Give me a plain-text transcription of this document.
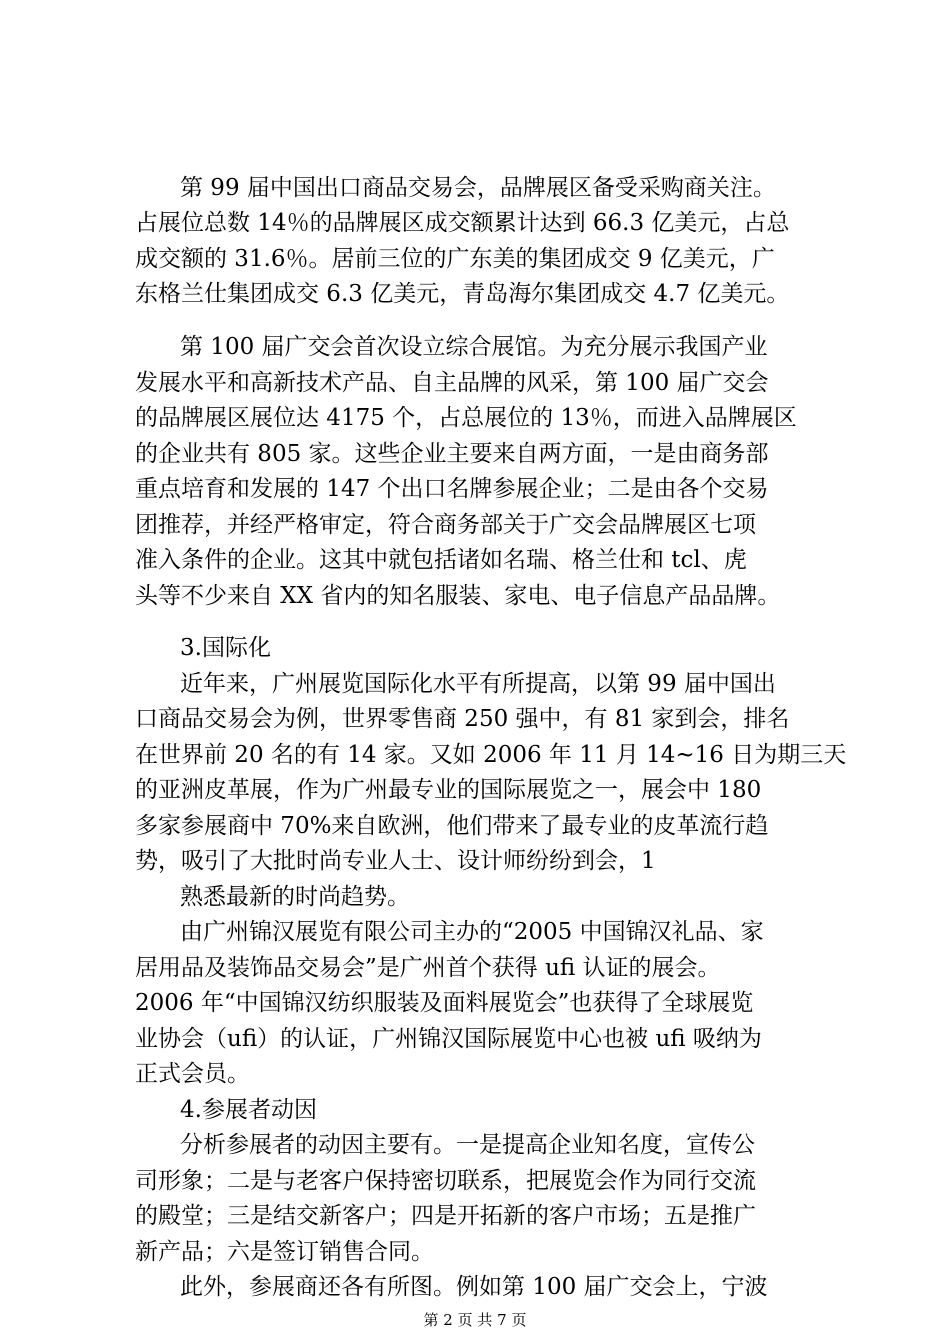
第 99 届中国出口商品交易会，品牌展区备受采购商关注。
占展位总数 14％的品牌展区成交额累计达到 66.3 亿美元，占总
成交额的 31.6％。居前三位的广东美的集团成交 9 亿美元，广
东格兰仕集团成交 6.3 亿美元，青岛海尔集团成交 4.7 亿美元。
第 100 届广交会首次设立综合展馆。为充分展示我国产业
发展水平和高新技术产品、自主品牌的风采，第 100 届广交会
的品牌展区展位达 4175 个，占总展位的 13％，而进入品牌展区
的企业共有 805 家。这些企业主要来自两方面，一是由商务部
重点培育和发展的 147 个出口名牌参展企业；二是由各个交易
团推荐，并经严格审定，符合商务部关于广交会品牌展区七项
准入条件的企业。这其中就包括诸如名瑞、格兰仕和 tcl、虎
头等不少来自 XX 省内的知名服装、家电、电子信息产品品牌。
3.国际化
近年来，广州展览国际化水平有所提高，以第 99 届中国出
口商品交易会为例，世界零售商 250 强中，有 81 家到会，排名
在世界前 20 名的有 14 家。又如 2006 年 11 月 14~16 日为期三天
的亚洲皮革展，作为广州最专业的国际展览之一，展会中 180
多家参展商中 70%来自欧洲，他们带来了最专业的皮革流行趋
势，吸引了大批时尚专业人士、设计师纷纷到会，1
熟悉最新的时尚趋势。
由广州锦汉展览有限公司主办的“2005 中国锦汉礼品、家
居用品及装饰品交易会”是广州首个获得 ufi 认证的展会。
2006 年“中国锦汉纺织服装及面料展览会”也获得了全球展览
业协会（ufi）的认证，广州锦汉国际展览中心也被 ufi 吸纳为
正式会员。
4.参展者动因
分析参展者的动因主要有。一是提高企业知名度，宣传公
司形象；二是与老客户保持密切联系，把展览会作为同行交流
的殿堂；三是结交新客户；四是开拓新的客户市场；五是推广
新产品；六是签订销售合同。
此外，参展商还各有所图。例如第 100 届广交会上，宁波
第 2 页 共 7 页
